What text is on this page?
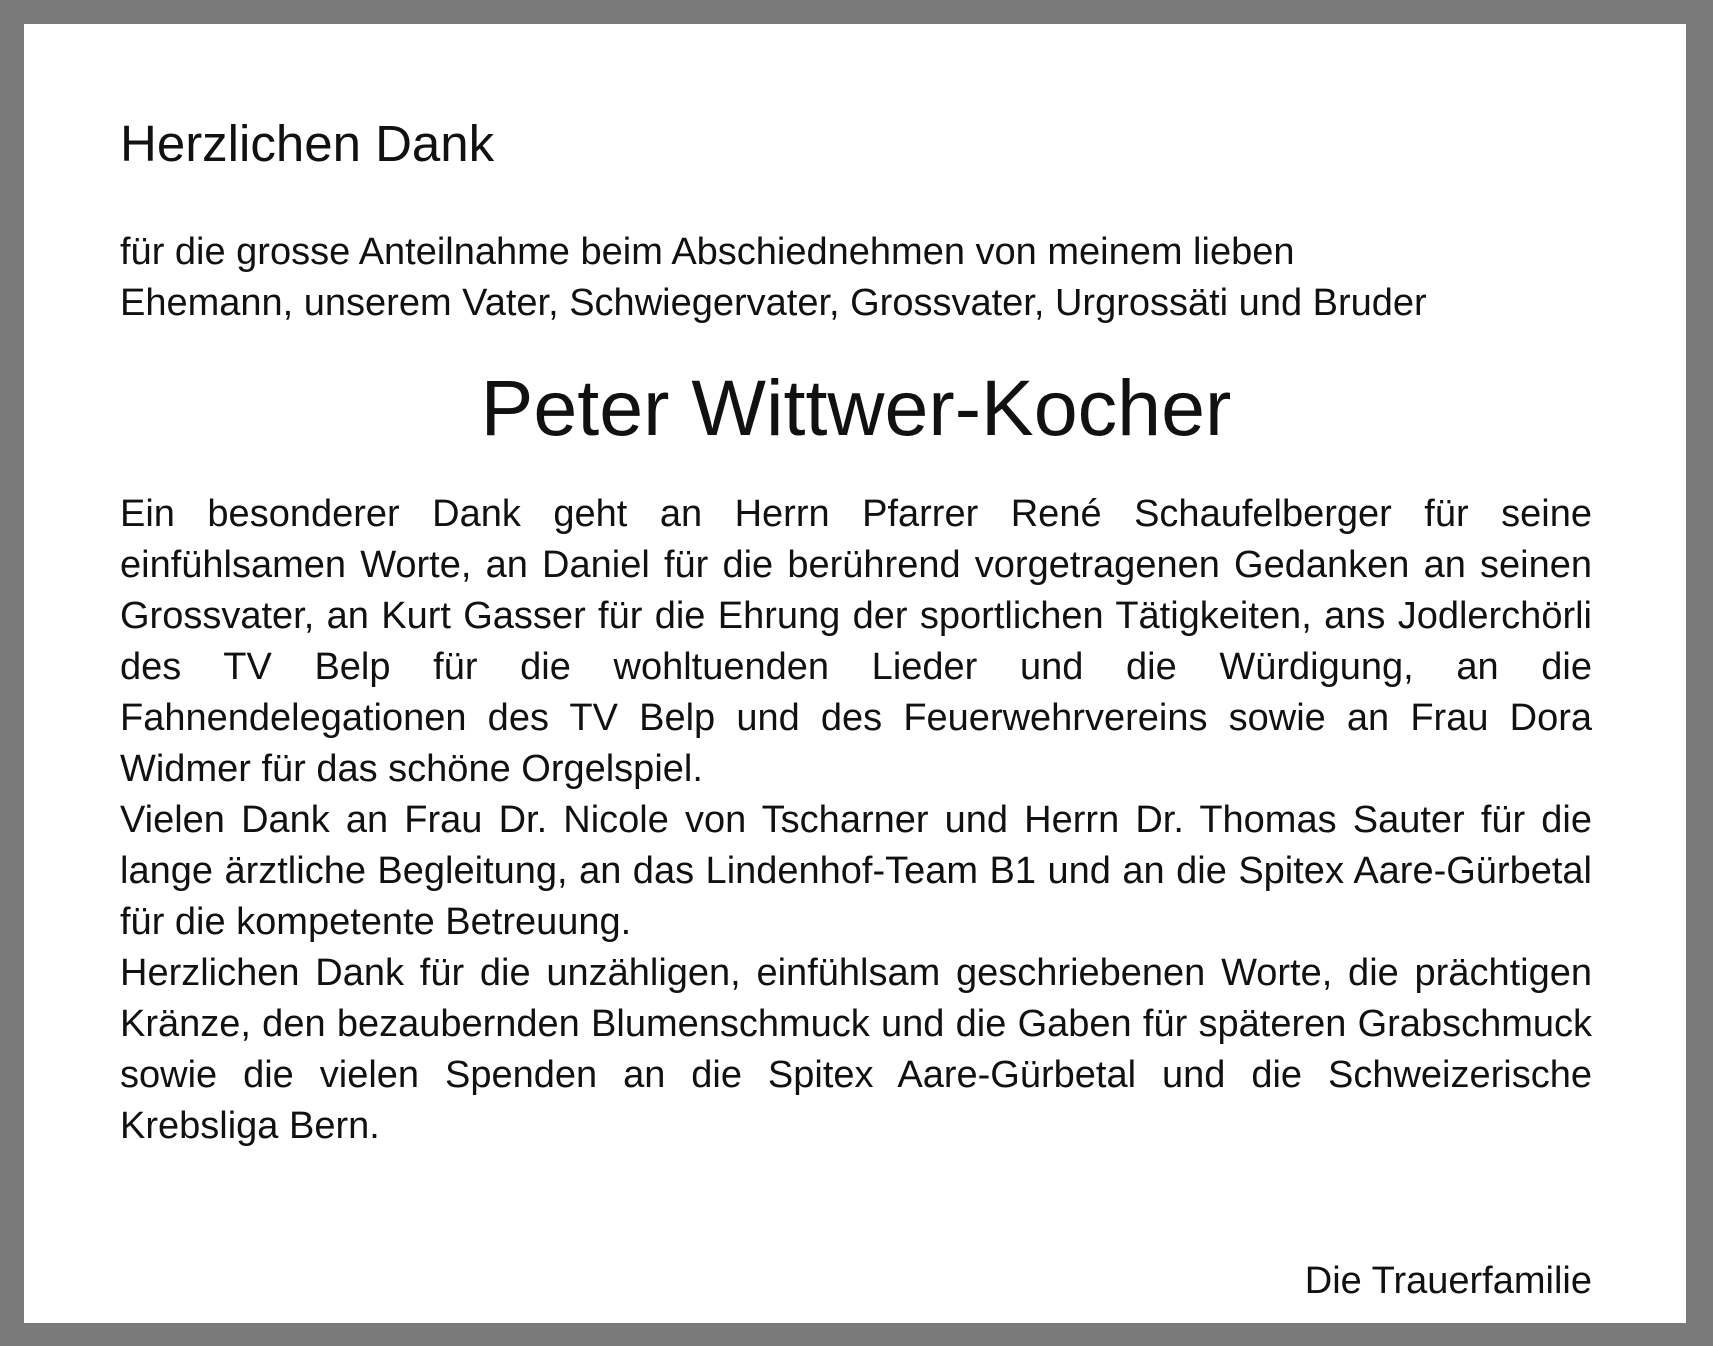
Herzlichen Dank
für die grosse Anteilnahme beim Abschiednehmen von meinem lieben
Ehemann, unserem Vater, Schwiegervater, Grossvater, Urgrossäti und Bruder
Peter Wittwer-Kocher

Ein besonderer Dank geht an Herrn Pfarrer René Schaufelberger für seine einfühlsamen Worte, an Daniel für die berührend vorgetragenen Gedanken an seinen Grossvater, an Kurt Gasser für die Ehrung der sportlichen Tätigkeiten, ans Jodlerchörli des TV Belp für die wohltuenden Lieder und die Würdigung, an die Fahnendelegationen des TV Belp und des Feuerwehrvereins sowie an Frau Dora Widmer für das schöne Orgelspiel.

Vielen Dank an Frau Dr. Nicole von Tscharner und Herrn Dr. Thomas Sauter für die lange ärztliche Begleitung, an das Lindenhof-Team B1 und an die Spitex Aare-Gürbetal für die kompetente Betreuung.

Herzlichen Dank für die unzähligen, einfühlsam geschriebenen Worte, die prächtigen Kränze, den bezaubernden Blumenschmuck und die Gaben für späteren Grabschmuck sowie die vielen Spenden an die Spitex Aare-Gürbetal und die Schweizerische Krebsliga Bern.

Die Trauerfamilie
